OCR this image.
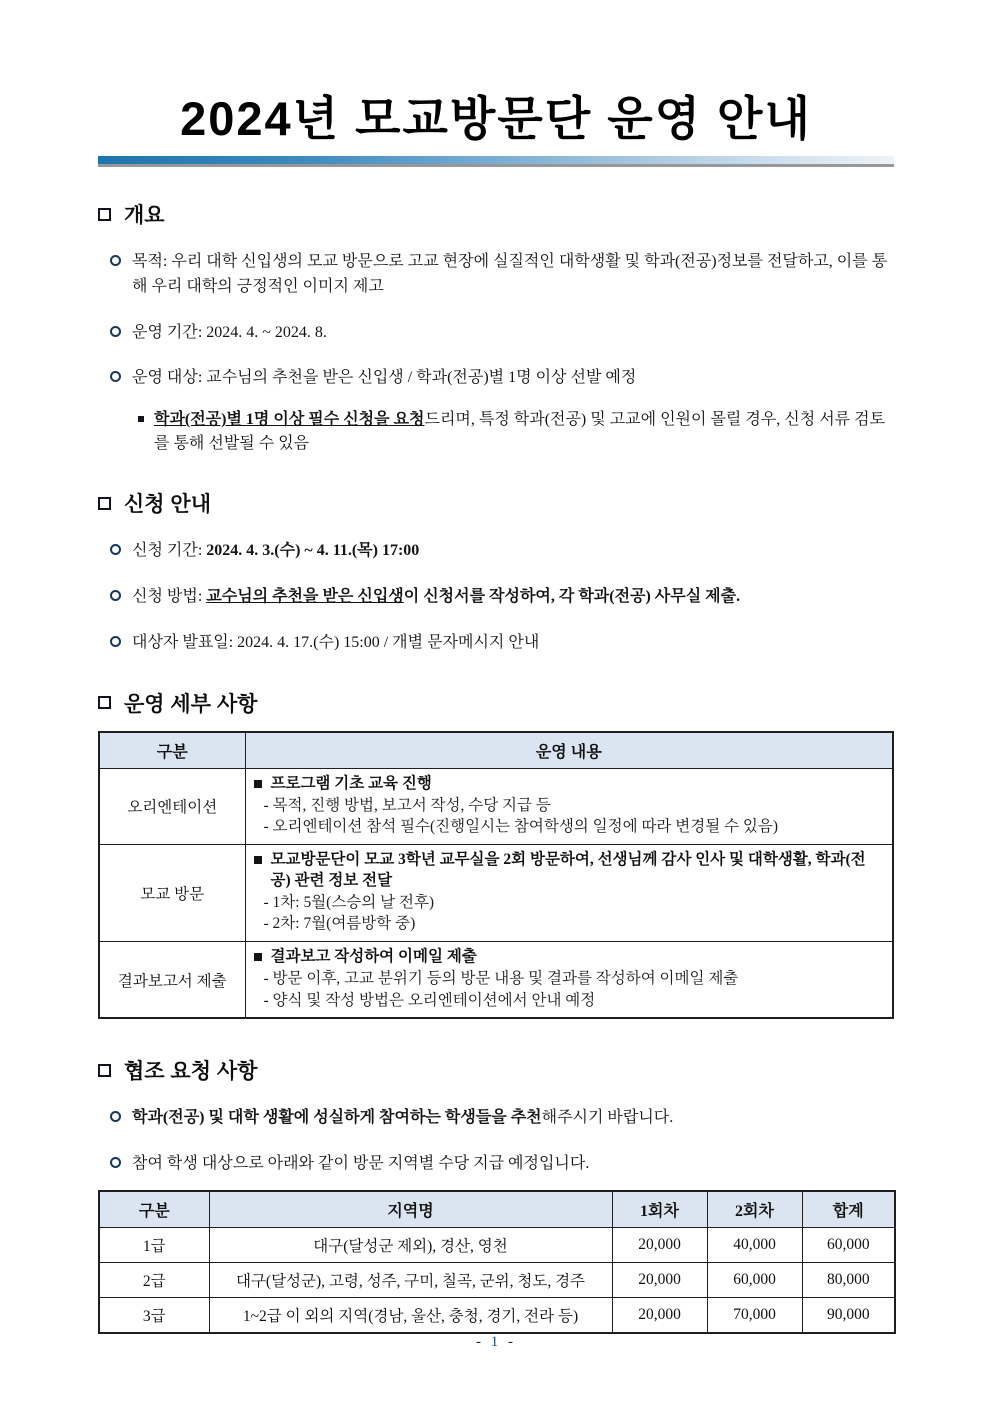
2024년 모교방문단 운영 안내
개요
목적: 우리 대학 신입생의 모교 방문으로 고교 현장에 실질적인 대학생활 및 학과(전공)정보를 전달하고, 이를 통해 우리 대학의 긍정적인 이미지 제고
운영 기간: 2024. 4. ~ 2024. 8.
운영 대상: 교수님의 추천을 받은 신입생 / 학과(전공)별 1명 이상 선발 예정
학과(전공)별 1명 이상 필수 신청을 요청드리며, 특정 학과(전공) 및 고교에 인원이 몰릴 경우, 신청 서류 검토를 통해 선발될 수 있음
신청 안내
신청 기간: 2024. 4. 3.(수) ~ 4. 11.(목) 17:00
신청 방법: 교수님의 추천을 받은 신입생이 신청서를 작성하여, 각 학과(전공) 사무실 제출.
대상자 발표일: 2024. 4. 17.(수) 15:00 / 개별 문자메시지 안내
운영 세부 사항
구분	운영 내용
오리엔테이션	프로그램 기초 교육 진행
- 목적, 진행 방법, 보고서 작성, 수당 지급 등
- 오리엔테이션 참석 필수(진행일시는 참여학생의 일정에 따라 변경될 수 있음)

모교 방문	모교방문단이 모교 3학년 교무실을 2회 방문하여, 선생님께 감사 인사 및 대학생활, 학과(전공) 관련 정보 전달
- 1차: 5월(스승의 날 전후)
- 2차: 7월(여름방학 중)

결과보고서 제출	결과보고 작성하여 이메일 제출
- 방문 이후, 고교 분위기 등의 방문 내용 및 결과를 작성하여 이메일 제출
- 양식 및 작성 방법은 오리엔테이션에서 안내 예정
협조 요청 사항
학과(전공) 및 대학 생활에 성실하게 참여하는 학생들을 추천해주시기 바랍니다.
참여 학생 대상으로 아래와 같이 방문 지역별 수당 지급 예정입니다.
구분	지역명	1회차	2회차	합계
1급	대구(달성군 제외), 경산, 영천	20,000	40,000	60,000
2급	대구(달성군), 고령, 성주, 구미, 칠곡, 군위, 청도, 경주	20,000	60,000	80,000
3급	1~2급 이 외의 지역(경남, 울산, 충청, 경기, 전라 등)	20,000	70,000	90,000
- 1 -
